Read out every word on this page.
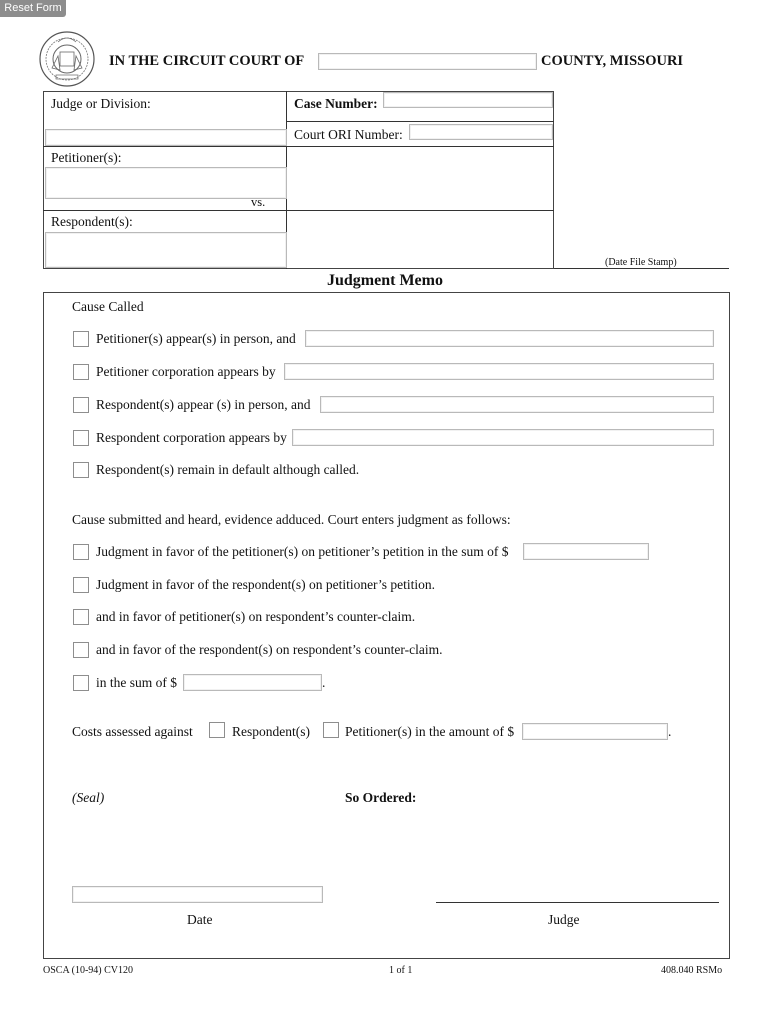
Reset Form
IN THE CIRCUIT COURT OF	COUNTY, MISSOURI
Judge or Division:	Case Number:
Court ORI Number:
Petitioner(s):
vs.
Respondent(s):
(Date File Stamp)
Judgment Memo
Cause Called
Petitioner(s) appear(s) in person, and
Petitioner corporation appears by
Respondent(s) appear (s) in person, and
Respondent corporation appears by
Respondent(s) remain in default although called.
Cause submitted and heard, evidence adduced. Court enters judgment as follows:
Judgment in favor of the petitioner(s) on petitioner’s petition in the sum of $
Judgment in favor of the respondent(s) on petitioner’s petition.
and in favor of petitioner(s) on respondent’s counter-claim.
and in favor of the respondent(s) on respondent’s counter-claim.
in the sum of $	.
Costs assessed against	Respondent(s)	Petitioner(s) in the amount of $	.
(Seal)	So Ordered:
Date	Judge
OSCA (10-94) CV120	1 of 1	408.040 RSMo
